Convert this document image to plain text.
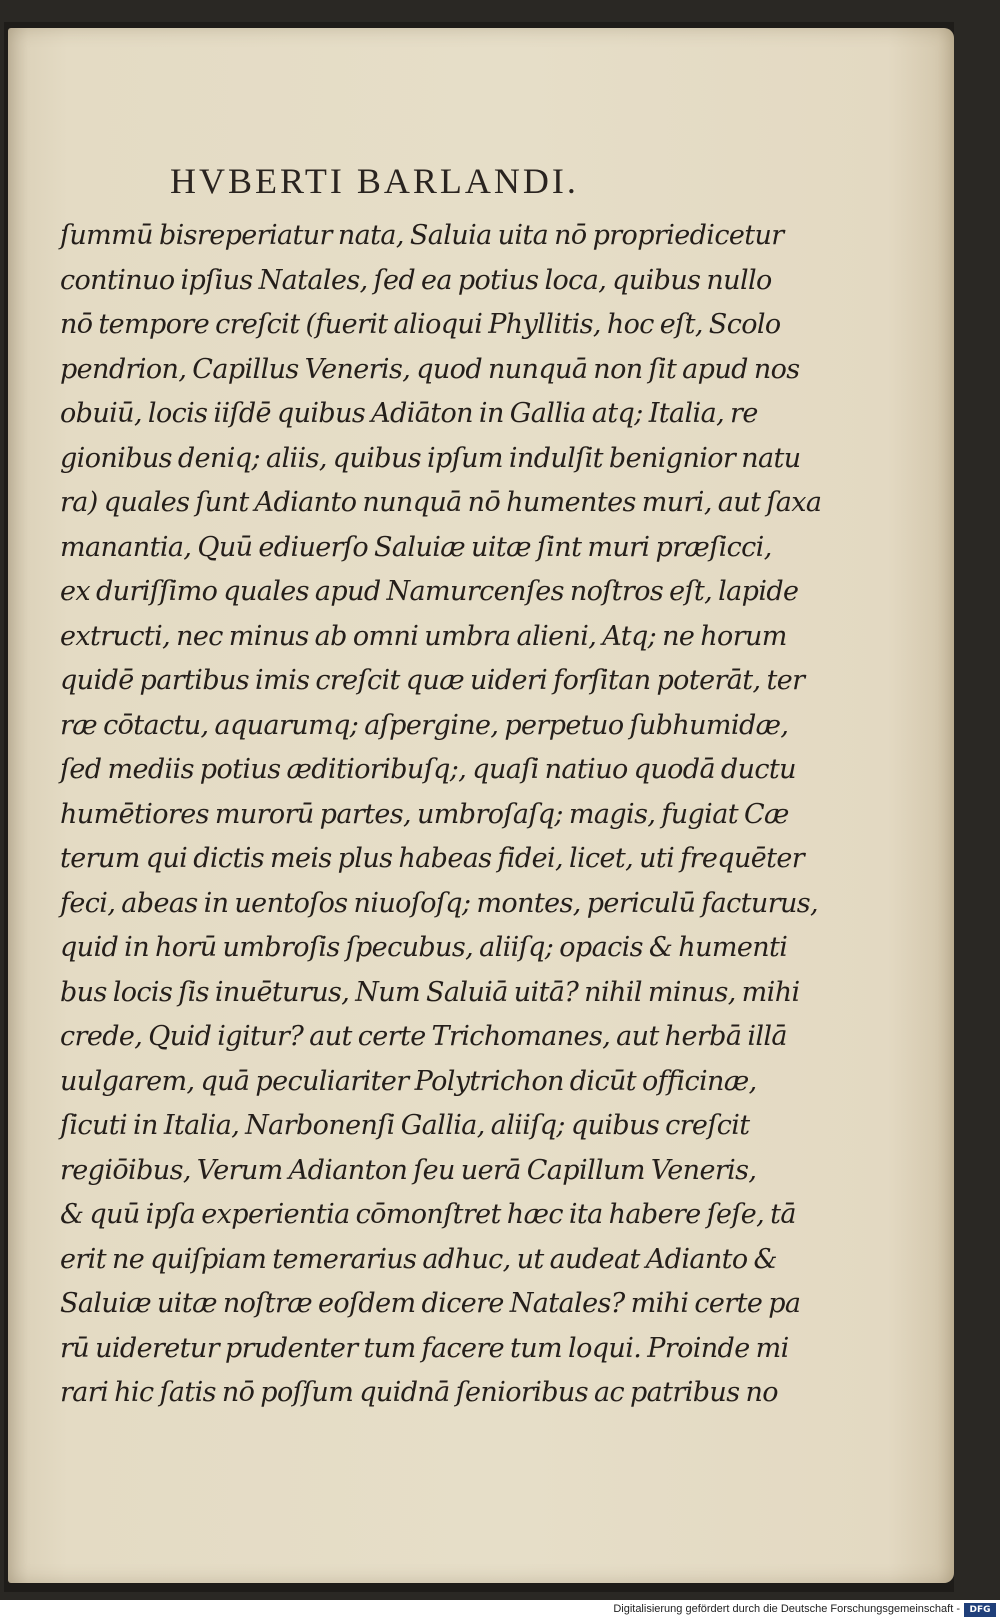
HVBERTI BARLANDI.
ſummū bisreperiatur nata, Saluia uita nō propriedicetur
continuo ipſius Natales, ſed ea potius loca, quibus nullo
nō tempore creſcit (fuerit alioqui Phyllitis, hoc eſt, Scolo
pendrion, Capillus Veneris, quod nunquā non ſit apud nos
obuiū, locis iiſdē quibus Adiāton in Gallia atq; Italia, re
gionibus deniq; aliis, quibus ipſum indulſit benignior natu
ra) quales ſunt Adianto nunquā nō humentes muri, aut ſaxa
manantia, Quū ediuerſo Saluiæ uitæ ſint muri præſicci,
ex duriſſimo quales apud Namurcenſes noſtros eſt, lapide
extructi, nec minus ab omni umbra alieni, Atq; ne horum
quidē partibus imis creſcit quæ uideri forſitan poterāt, ter
ræ cōtactu, aquarumq; aſpergine, perpetuo ſubhumidæ,
ſed mediis potius æditioribuſq;, quaſi natiuo quodā ductu
humētiores murorū partes, umbroſaſq; magis, fugiat Cæ
terum qui dictis meis plus habeas fidei, licet, uti frequēter
feci, abeas in uentoſos niuoſoſq; montes, periculū facturus,
quid in horū umbroſis ſpecubus, aliiſq; opacis & humenti
bus locis ſis inuēturus, Num Saluiā uitā? nihil minus, mihi
crede, Quid igitur? aut certe Trichomanes, aut herbā illā
uulgarem, quā peculiariter Polytrichon dicūt officinæ,
ſicuti in Italia, Narbonenſi Gallia, aliiſq; quibus creſcit
regiōibus, Verum Adianton ſeu uerā Capillum Veneris,
& quū ipſa experientia cōmonſtret hæc ita habere ſeſe, tā
erit ne quiſpiam temerarius adhuc, ut audeat Adianto &
Saluiæ uitæ noſtræ eoſdem dicere Natales? mihi certe pa
rū uideretur prudenter tum facere tum loqui. Proinde mi
rari hic ſatis nō poſſum quidnā ſenioribus ac patribus no
Digitalisierung gefördert durch die Deutsche Forschungsgemeinschaft -	DFG
